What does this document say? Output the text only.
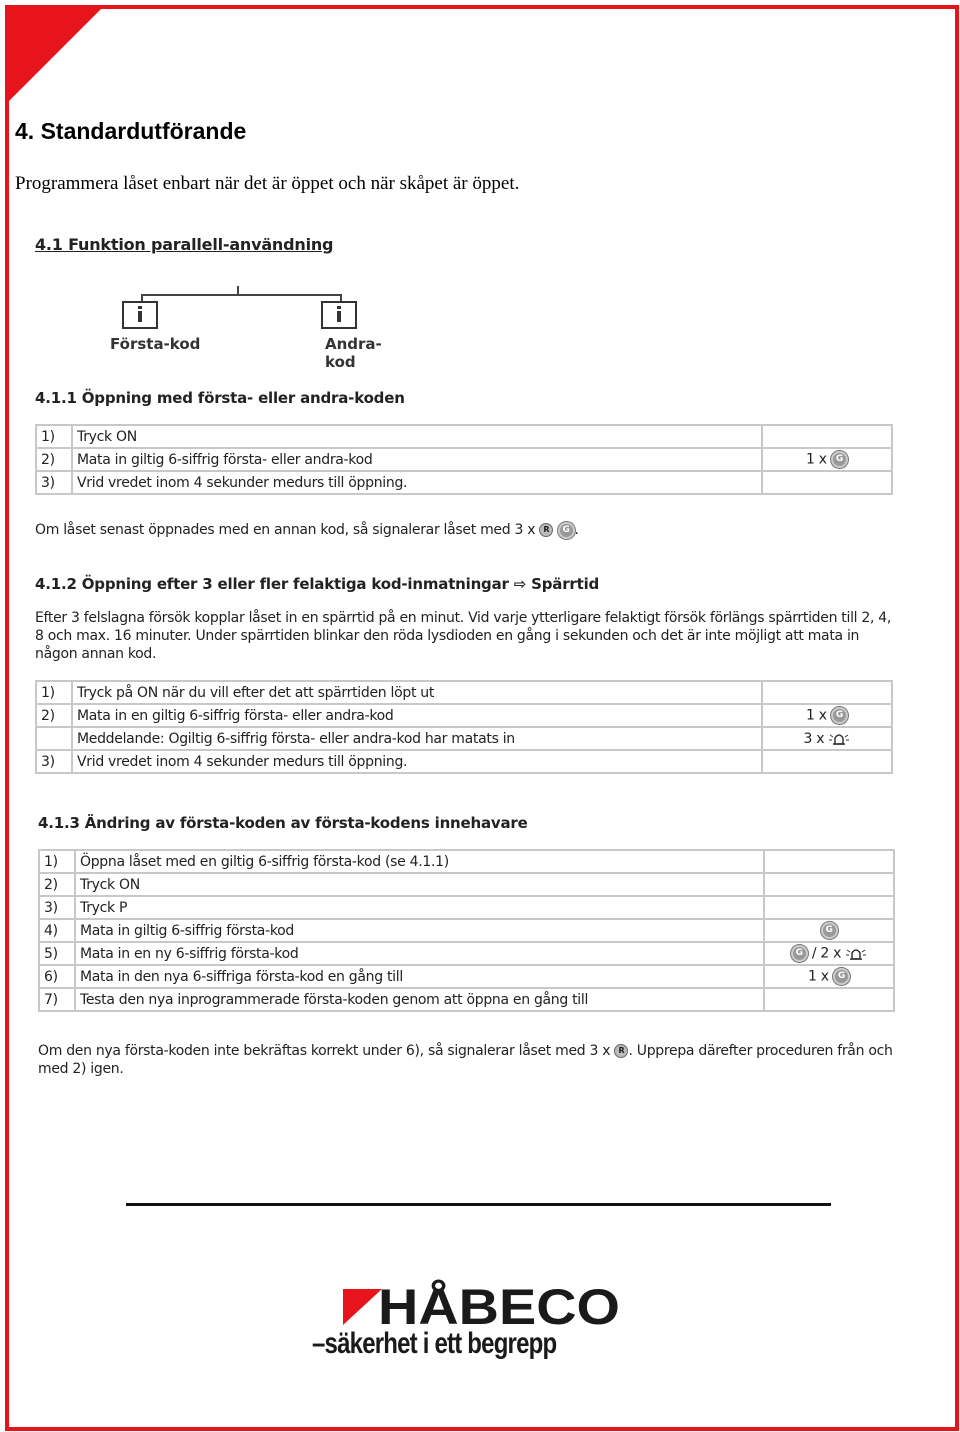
4. Standardutförande

Programmera låset enbart när det är öppet och när skåpet är öppet.

4.1 Funktion parallell-användning
Första-kod	Andra-kod
4.1.1 Öppning med första- eller andra-koden
1)	Tryck ON	
2)	Mata in giltig 6-siffrig första- eller andra-kod	1 x G
3)	Vrid vredet inom 4 sekunder medurs till öppning.	
Om låset senast öppnades med en annan kod, så signalerar låset med 3 x R G .
4.1.2 Öppning efter 3 eller fler felaktiga kod-inmatningar ⇨ Spärrtid
Efter 3 felslagna försök kopplar låset in en spärrtid på en minut. Vid varje ytterligare felaktigt försök förlängs spärrtiden till 2, 4, 8 och max. 16 minuter. Under spärrtiden blinkar den röda lysdioden en gång i sekunden och det är inte möjligt att mata in någon annan kod.
1)	Tryck på ON när du vill efter det att spärrtiden löpt ut	
2)	Mata in en giltig 6-siffrig första- eller andra-kod	1 x G
	Meddelande: Ogiltig 6-siffrig första- eller andra-kod har matats in	3 x
3)	Vrid vredet inom 4 sekunder medurs till öppning.	
4.1.3 Ändring av första-koden av första-kodens innehavare
1)	Öppna låset med en giltig 6-siffrig första-kod (se 4.1.1)	
2)	Tryck ON	
3)	Tryck P	
4)	Mata in giltig 6-siffrig första-kod	G
5)	Mata in en ny 6-siffrig första-kod	G / 2 x
6)	Mata in den nya 6-siffriga första-kod en gång till	1 x G
7)	Testa den nya inprogrammerade första-koden genom att öppna en gång till	
Om den nya första-koden inte bekräftas korrekt under 6), så signalerar låset med 3 x R . Upprepa därefter proceduren från och med 2) igen.
HÅBECO
–säkerhet i ett begrepp
